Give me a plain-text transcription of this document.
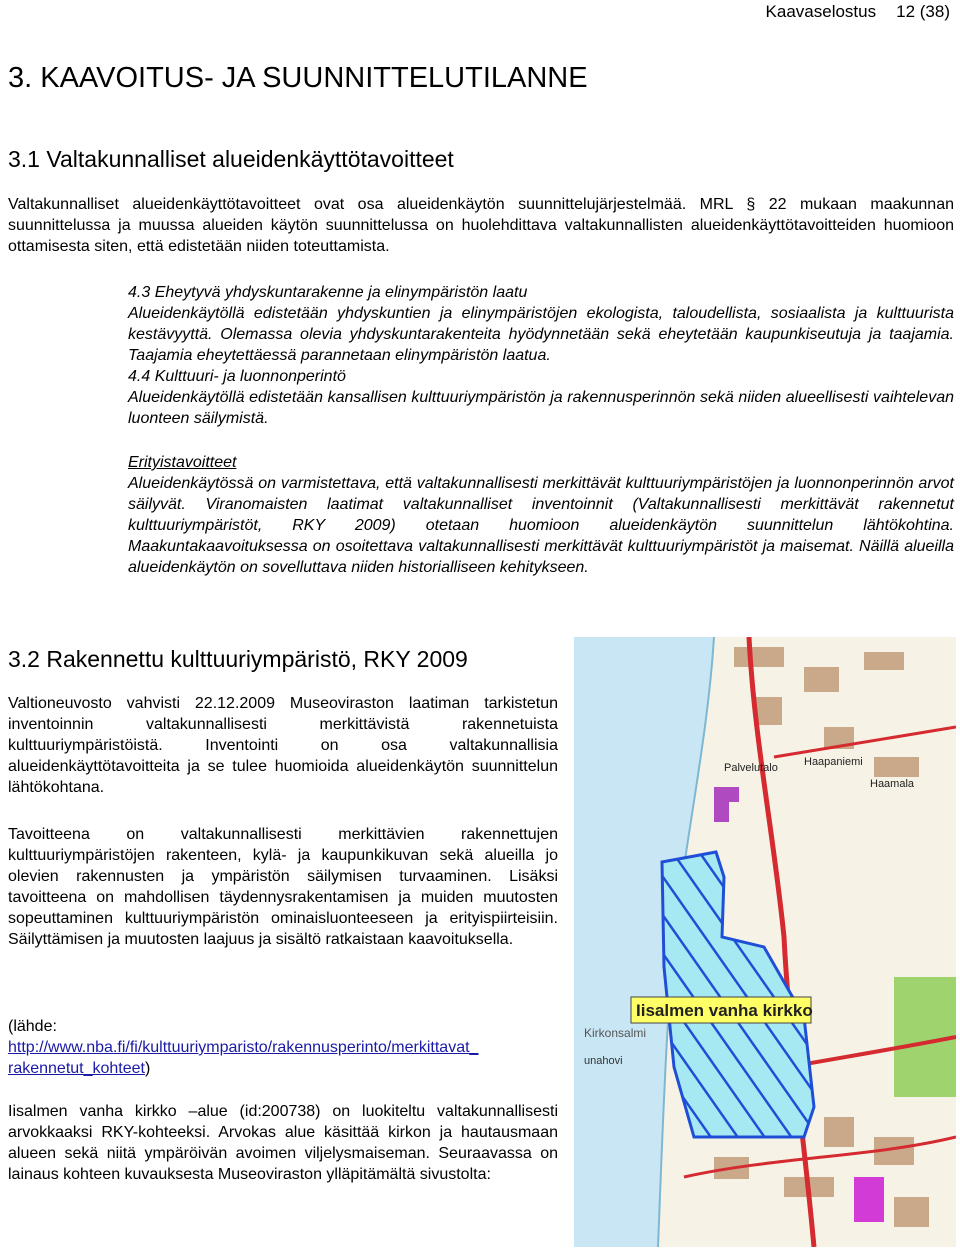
Kaavaselostus 12 (38)
3. KAAVOITUS- JA SUUNNITTELUTILANNE
3.1 Valtakunnalliset alueidenkäyttötavoitteet

Valtakunnalliset alueidenkäyttötavoitteet ovat osa alueidenkäytön suunnittelujärjestelmää. MRL § 22 mukaan maakunnan suunnittelussa ja muussa alueiden käytön suunnittelussa on huolehdittava valtakunnallisten alueidenkäyttötavoitteiden huomioon ottamisesta siten, että edistetään niiden toteuttamista.

4.3 Eheytyvä yhdyskuntarakenne ja elinympäristön laatu
Alueidenkäytöllä edistetään yhdyskuntien ja elinympäristöjen ekologista, taloudellista, sosiaalista ja kulttuurista kestävyyttä. Olemassa olevia yhdyskuntarakenteita hyödynnetään sekä eheytetään kaupunkiseutuja ja taajamia. Taajamia eheytettäessä parannetaan elinympäristön laatua.
4.4 Kulttuuri- ja luonnonperintö
Alueidenkäytöllä edistetään kansallisen kulttuuriympäristön ja rakennusperinnön sekä niiden alueellisesti vaihtelevan luonteen säilymistä.
Erityistavoitteet
Alueidenkäytössä on varmistettava, että valtakunnallisesti merkittävät kulttuuriympäristöjen ja luonnonperinnön arvot säilyvät. Viranomaisten laatimat valtakunnalliset inventoinnit (Valtakunnallisesti merkittävät rakennetut kulttuuriympäristöt, RKY 2009) otetaan huomioon alueidenkäytön suunnittelun lähtökohtina. Maakuntakaavoituksessa on osoitettava valtakunnallisesti merkittävät kulttuuriympäristöt ja maisemat. Näillä alueilla alueidenkäytön on sovelluttava niiden historialliseen kehitykseen.
3.2 Rakennettu kulttuuriympäristö, RKY 2009

Valtioneuvosto vahvisti 22.12.2009 Museoviraston laatiman tarkistetun inventoinnin valtakunnallisesti merkittävistä rakennetuista kulttuuriympäristöistä. Inventointi on osa valtakunnallisia alueidenkäyttötavoitteita ja se tulee huomioida alueidenkäytön suunnittelun lähtökohtana.

Tavoitteena on valtakunnallisesti merkittävien rakennettujen kulttuuriympäristöjen rakenteen, kylä- ja kaupunkikuvan sekä alueilla jo olevien rakennusten ja ympäristön säilymisen turvaaminen. Lisäksi tavoitteena on mahdollisen täydennysrakentamisen ja muiden muutosten sopeuttaminen kulttuuriympäristön ominaisluonteeseen ja erityispiirteisiin. Säilyttämisen ja muutosten laajuus ja sisältö ratkaistaan kaavoituksella.

(lähde:
http://www.nba.fi/fi/kulttuuriymparisto/rakennusperinto/merkittavat_
rakennetut_kohteet)

Iisalmen vanha kirkko –alue (id:200738) on luokiteltu valtakunnallisesti arvokkaaksi RKY-kohteeksi. Arvokas alue käsittää kirkon ja hautausmaan alueen sekä niitä ympäröivän avoimen viljelysmaiseman. Seuraavassa on lainaus kohteen kuvauksesta Museoviraston ylläpitämältä sivustolta:

Iisalmen vanha kirkko
Palvelutalo Haapaniemi
Haamala
Kirkonsalmi
unahovi
